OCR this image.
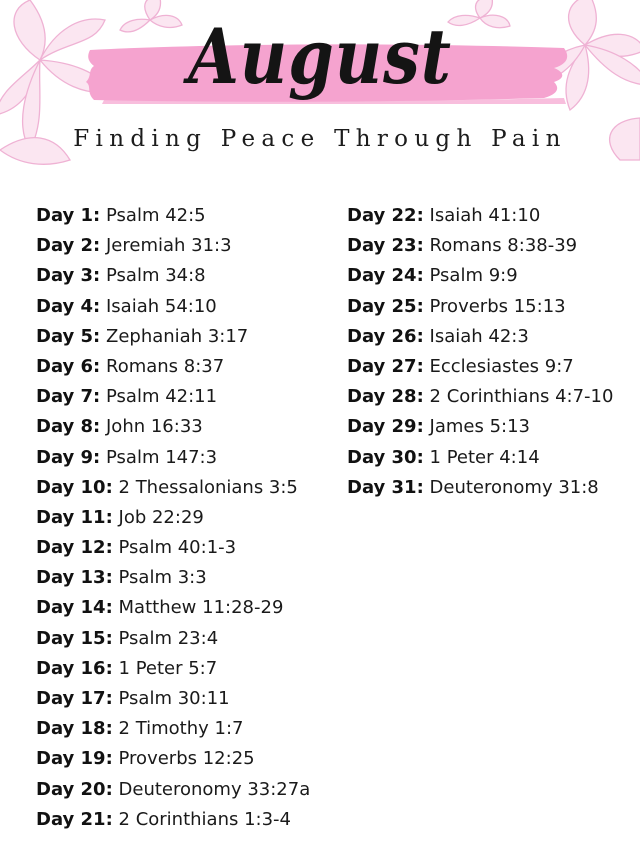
August
Finding Peace Through Pain
Day 1: Psalm 42:5
Day 2: Jeremiah 31:3
Day 3: Psalm 34:8
Day 4: Isaiah 54:10
Day 5: Zephaniah 3:17
Day 6: Romans 8:37
Day 7: Psalm 42:11
Day 8: John 16:33
Day 9: Psalm 147:3
Day 10: 2 Thessalonians 3:5
Day 11: Job 22:29
Day 12: Psalm 40:1-3
Day 13: Psalm 3:3
Day 14: Matthew 11:28-29
Day 15: Psalm 23:4
Day 16: 1 Peter 5:7
Day 17: Psalm 30:11
Day 18: 2 Timothy 1:7
Day 19: Proverbs 12:25
Day 20: Deuteronomy 33:27a
Day 21: 2 Corinthians 1:3-4
Day 22: Isaiah 41:10
Day 23: Romans 8:38-39
Day 24: Psalm 9:9
Day 25: Proverbs 15:13
Day 26: Isaiah 42:3
Day 27: Ecclesiastes 9:7
Day 28: 2 Corinthians 4:7-10
Day 29: James 5:13
Day 30: 1 Peter 4:14
Day 31: Deuteronomy 31:8
